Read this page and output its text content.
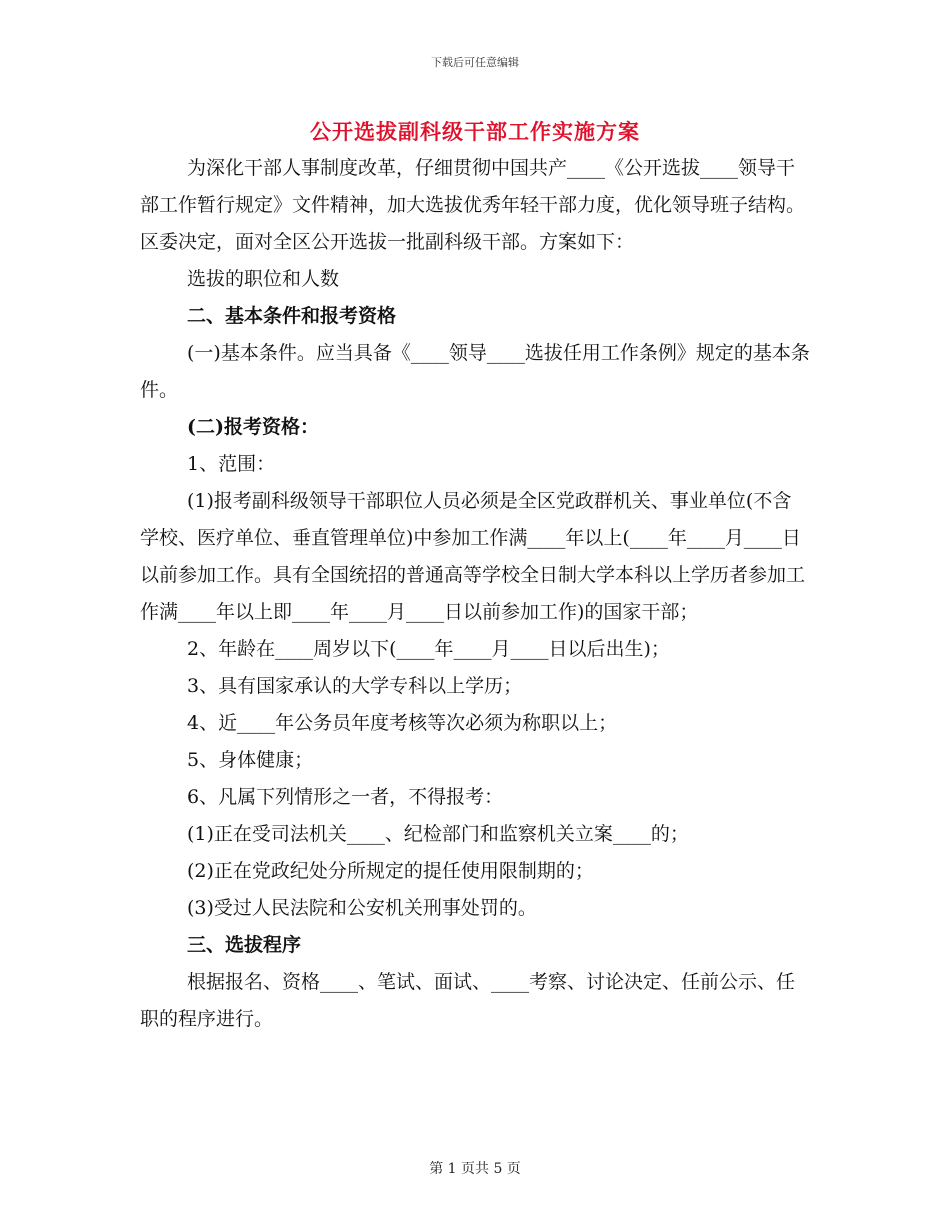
下载后可任意编辑
公开选拔副科级干部工作实施方案

为深化干部人事制度改革，仔细贯彻中国共产____《公开选拔____领导干部工作暂行规定》文件精神，加大选拔优秀年轻干部力度，优化领导班子结构。区委决定，面对全区公开选拔一批副科级干部。方案如下：

选拔的职位和人数

二、基本条件和报考资格

(一)基本条件。应当具备《____领导____选拔任用工作条例》规定的基本条件。

(二)报考资格：

1、范围：

(1)报考副科级领导干部职位人员必须是全区党政群机关、事业单位(不含学校、医疗单位、垂直管理单位)中参加工作满____年以上(____年____月____日以前参加工作。具有全国统招的普通高等学校全日制大学本科以上学历者参加工作满____年以上即____年____月____日以前参加工作)的国家干部；

2、年龄在____周岁以下(____年____月____日以后出生)；

3、具有国家承认的大学专科以上学历；

4、近____年公务员年度考核等次必须为称职以上；

5、身体健康；

6、凡属下列情形之一者，不得报考：

(1)正在受司法机关____、纪检部门和监察机关立案____的；

(2)正在党政纪处分所规定的提任使用限制期的；

(3)受过人民法院和公安机关刑事处罚的。

三、选拔程序

根据报名、资格____、笔试、面试、____考察、讨论决定、任前公示、任职的程序进行。

第 1 页共 5 页
